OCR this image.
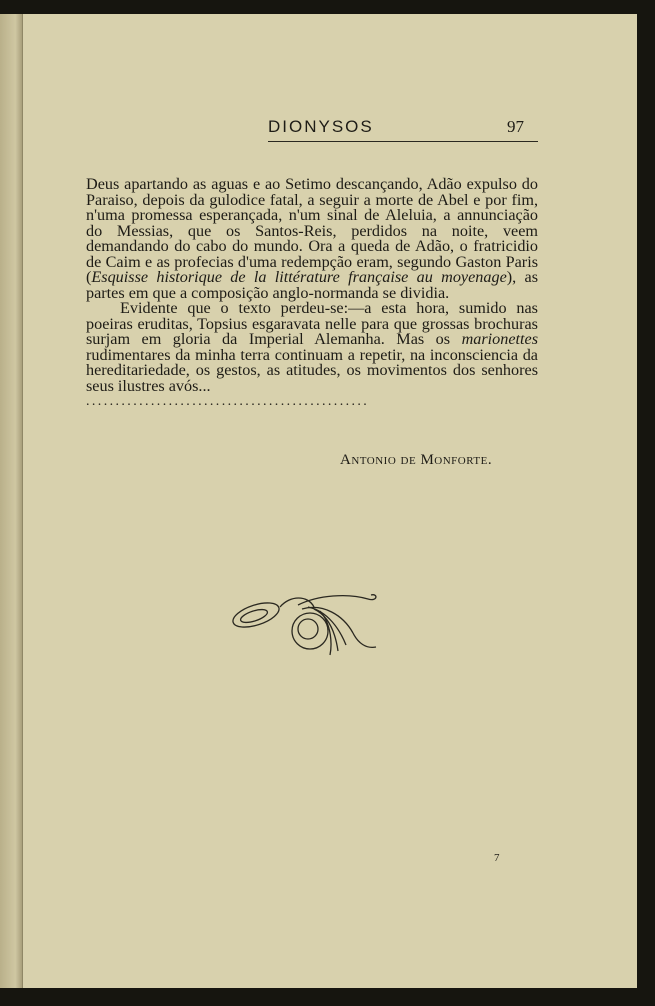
DIONYSOS	97

Deus apartando as aguas e ao Setimo descançando, Adão expulso do Paraiso, depois da gulodice fatal, a seguir a morte de Abel e por fim, n'uma promessa esperançada, n'um sinal de Aleluia, a annunciação do Messias, que os Santos-Reis, perdidos na noite, veem demandando do cabo do mundo. Ora a queda de Adão, o fratricidio de Caim e as profecias d'uma redempção eram, segundo Gaston Paris (Esquisse historique de la littérature française au moyenage), as partes em que a composição anglo-normanda se dividia.

Evidente que o texto perdeu-se:—a esta hora, sumido nas poeiras eruditas, Topsius esgaravata nelle para que grossas brochuras surjam em gloria da Imperial Alemanha. Mas os marionettes rudimentares da minha terra continuam a repetir, na inconsciencia da hereditariedade, os gestos, as atitudes, os movimentos dos senhores seus ilustres avós...

................................................
Antonio de Monforte.
7
